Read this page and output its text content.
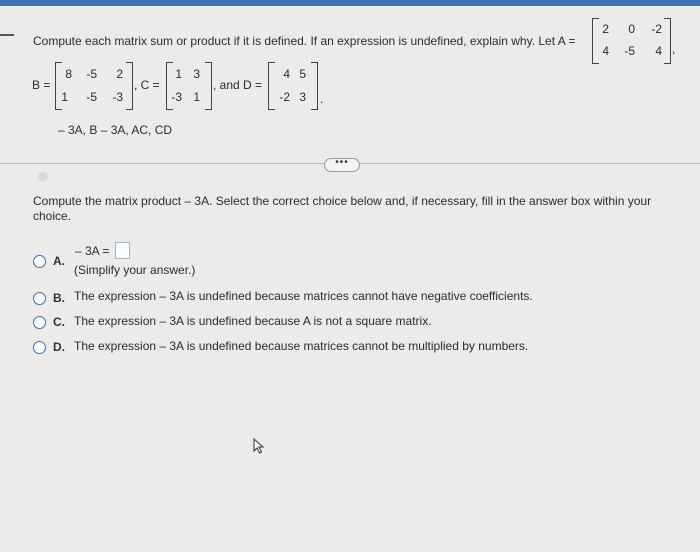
Compute each matrix sum or product if it is defined. If an expression is undefined, explain why. Let A =
2	0	-2
4	-5	4 ,
B =
8	-5	2
1	-5	-3
, C =
1 3
-3 1
, and D =
4 5
-2 3 .
– 3A, B – 3A, AC, CD
•••
Compute the matrix product – 3A. Select the correct choice below and, if necessary, fill in the answer box within your choice.
A.
– 3A =
(Simplify your answer.)
B. The expression – 3A is undefined because matrices cannot have negative coefficients.
C. The expression – 3A is undefined because A is not a square matrix.
D. The expression – 3A is undefined because matrices cannot be multiplied by numbers.
